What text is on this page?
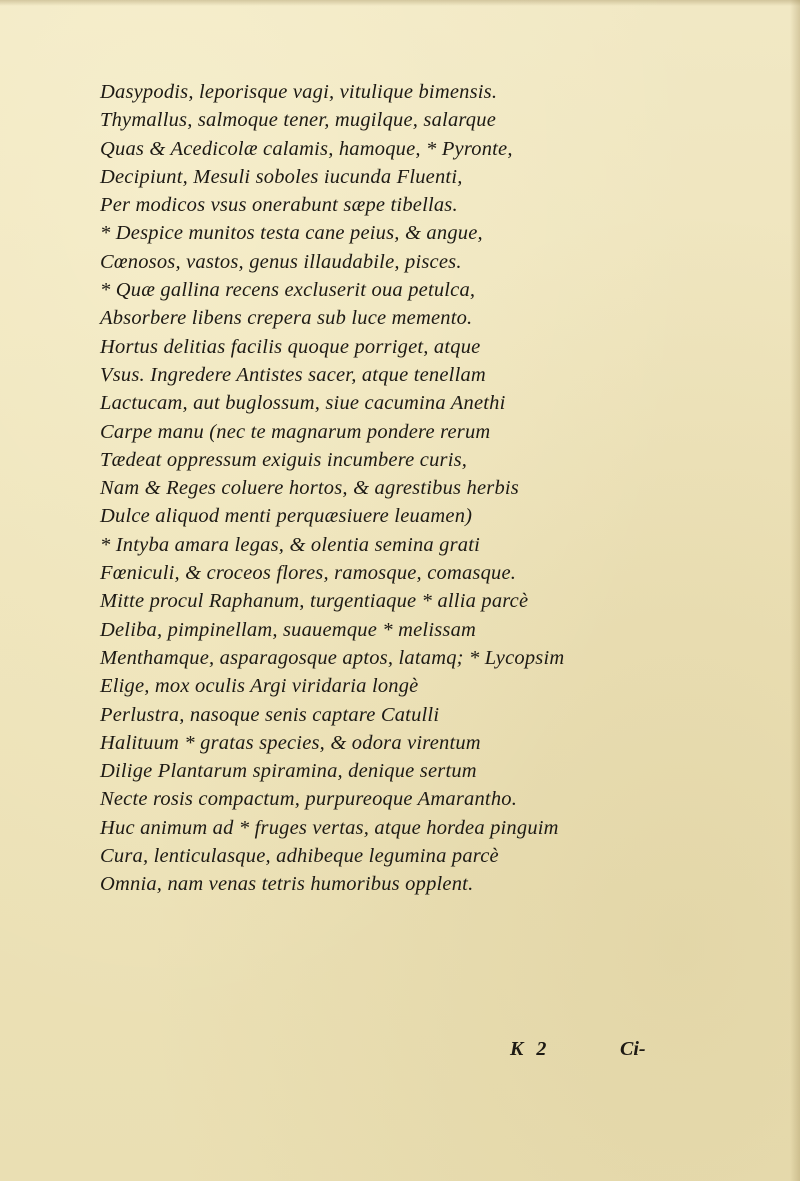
Dasypodis, leporisque vagi, vitulique bimensis.
Thymallus, salmoque tener, mugilque, salarque
Quas & Acedicolæ calamis, hamoque, * Pyronte,
Decipiunt, Mesuli soboles iucunda Fluenti,
Per modicos vsus onerabunt sæpe tibellas.
* Despice munitos testa cane peius, & angue,
Cœnosos, vastos, genus illaudabile, pisces.
* Quæ gallina recens excluserit oua petulca,
Absorbere libens crepera sub luce memento.
Hortus delitias facilis quoque porriget, atque
Vsus. Ingredere Antistes sacer, atque tenellam
Lactucam, aut buglossum, siue cacumina Anethi
Carpe manu (nec te magnarum pondere rerum
Tædeat oppressum exiguis incumbere curis,
Nam & Reges coluere hortos, & agrestibus herbis
Dulce aliquod menti perquæsiuere leuamen)
* Intyba amara legas, & olentia semina grati
Fœniculi, & croceos flores, ramosque, comasque.
Mitte procul Raphanum, turgentiaque * allia parcè
Deliba, pimpinellam, suauemque * melissam
Menthamque, asparagosque aptos, latamq; * Lycopsim
Elige, mox oculis Argi viridaria longè
Perlustra, nasoque senis captare Catulli
Halituum * gratas species, & odora virentum
Dilige Plantarum spiramina, denique sertum
Necte rosis compactum, purpureoque Amarantho.
Huc animum ad * fruges vertas, atque hordea pinguim
Cura, lenticulasque, adhibeque legumina parcè
Omnia, nam venas tetris humoribus opplent.
K 2	Ci-
